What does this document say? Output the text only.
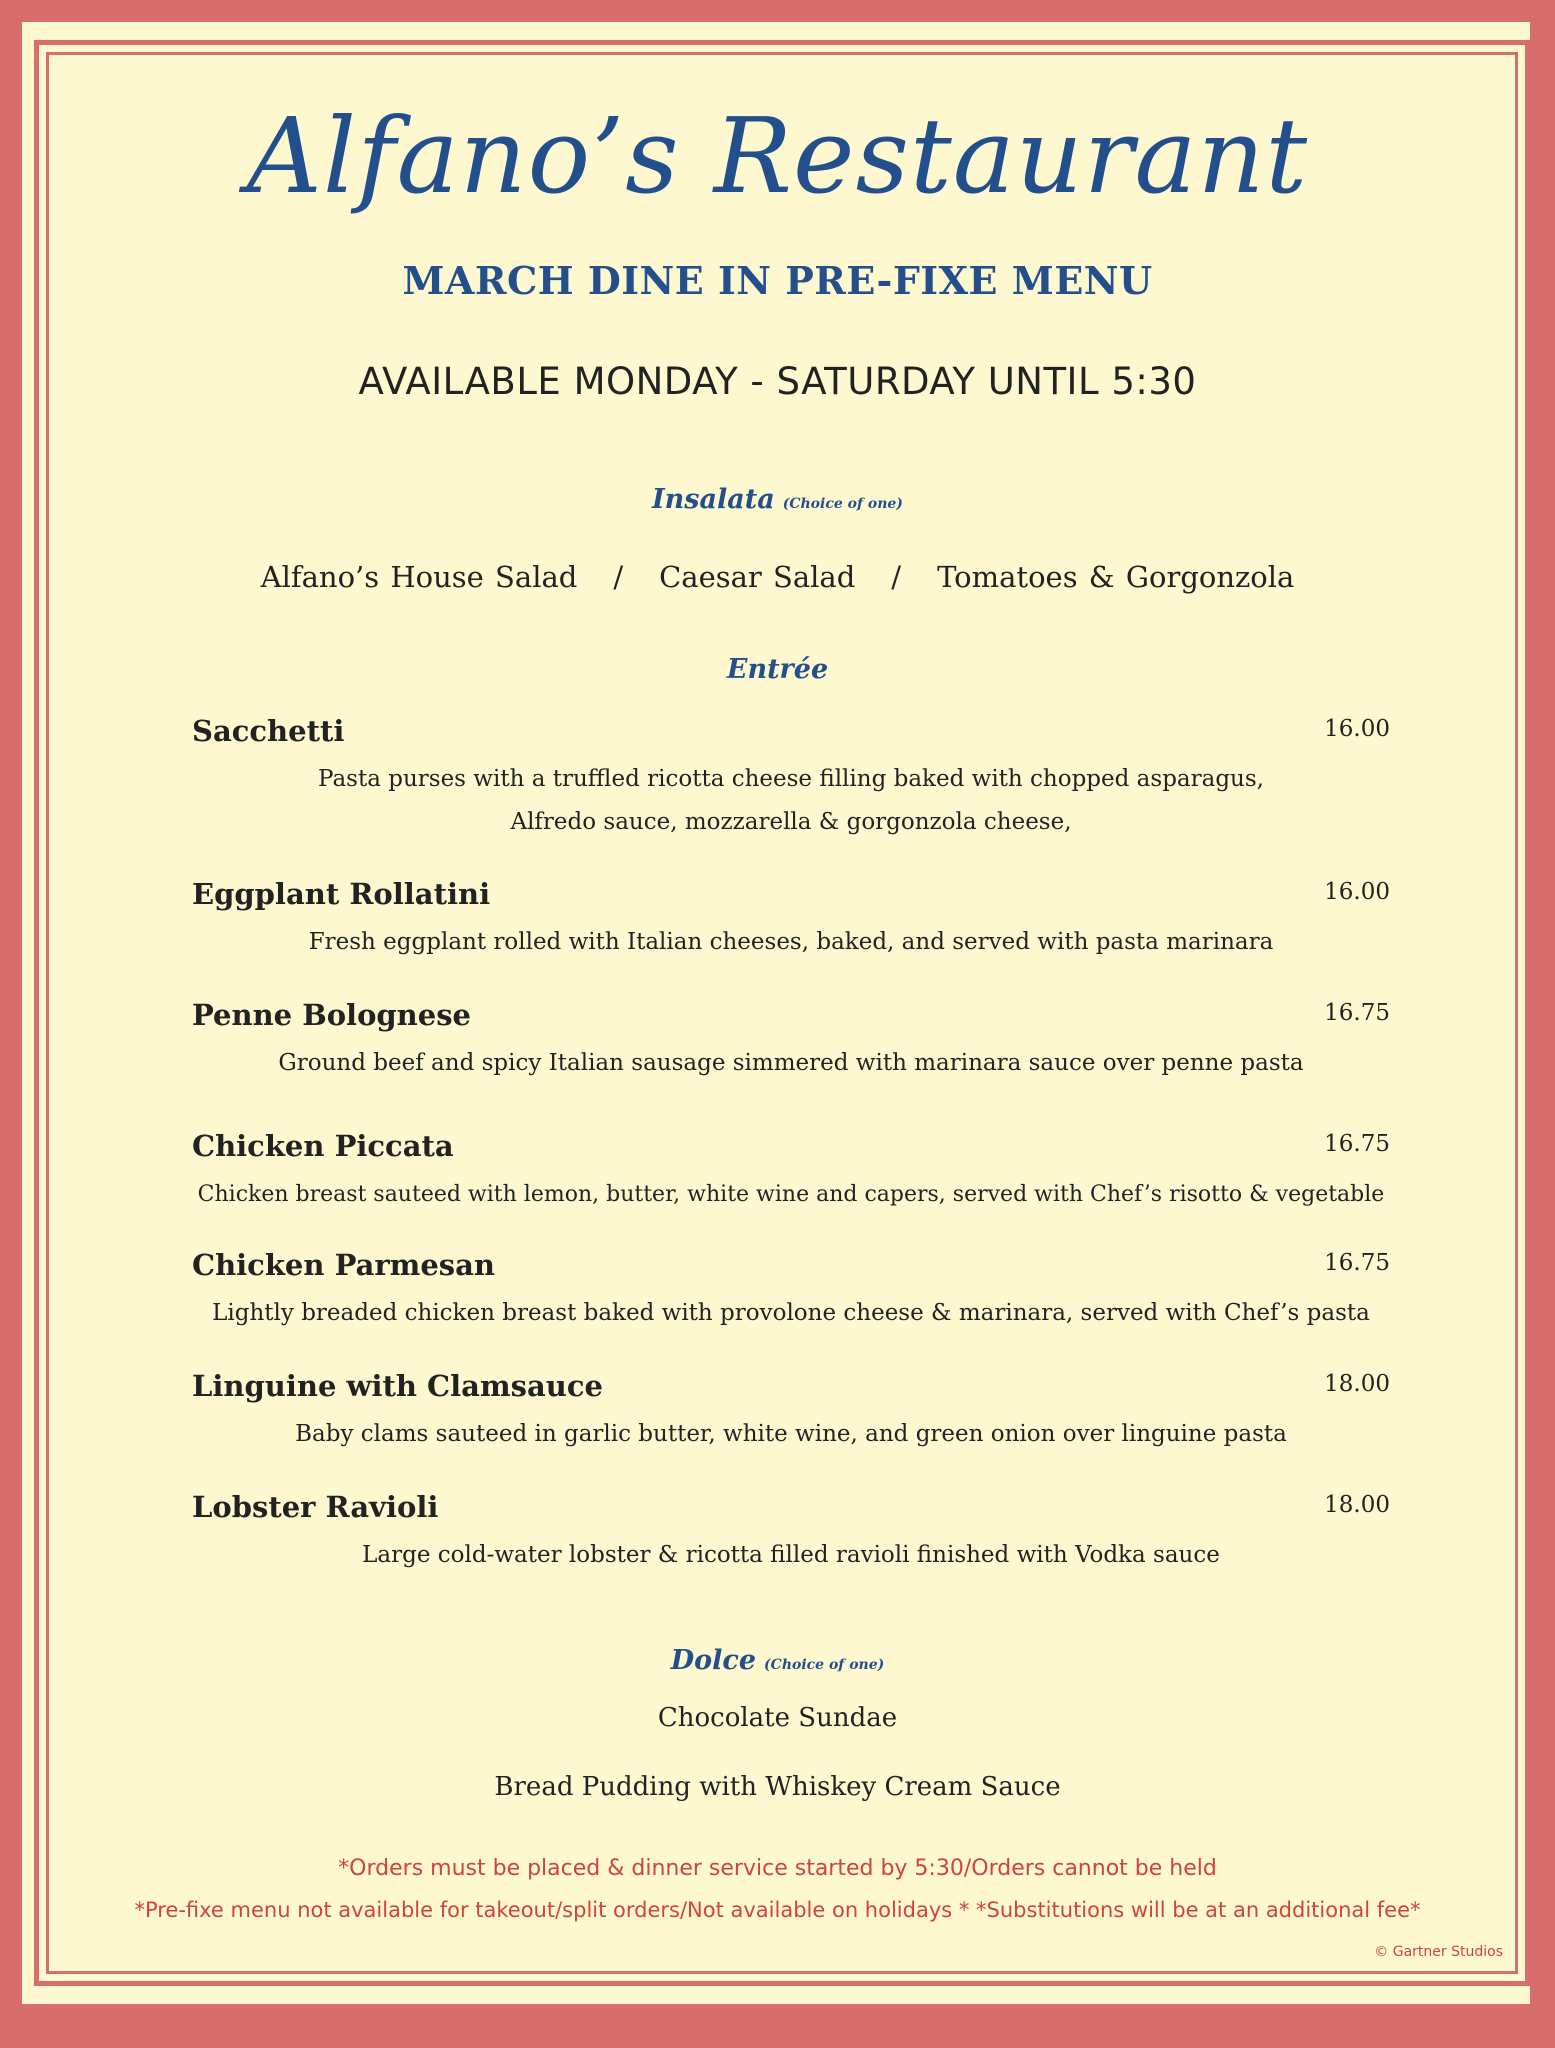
Alfano’s Restaurant
MARCH DINE IN PRE-FIXE MENU
AVAILABLE MONDAY - SATURDAY UNTIL 5:30
Insalata (Choice of one)
Alfano’s House Salad / Caesar Salad / Tomatoes & Gorgonzola
Entrée
Sacchetti	16.00
Pasta purses with a truffled ricotta cheese filling baked with chopped asparagus,
Alfredo sauce, mozzarella & gorgonzola cheese,
Eggplant Rollatini	16.00
Fresh eggplant rolled with Italian cheeses, baked, and served with pasta marinara
Penne Bolognese	16.75
Ground beef and spicy Italian sausage simmered with marinara sauce over penne pasta
Chicken Piccata	16.75
Chicken breast sauteed with lemon, butter, white wine and capers, served with Chef’s risotto & vegetable
Chicken Parmesan	16.75
Lightly breaded chicken breast baked with provolone cheese & marinara, served with Chef’s pasta
Linguine with Clamsauce	18.00
Baby clams sauteed in garlic butter, white wine, and green onion over linguine pasta
Lobster Ravioli	18.00
Large cold-water lobster & ricotta filled ravioli finished with Vodka sauce
Dolce (Choice of one)
Chocolate Sundae
Bread Pudding with Whiskey Cream Sauce
*Orders must be placed & dinner service started by 5:30/Orders cannot be held
*Pre-fixe menu not available for takeout/split orders/Not available on holidays * *Substitutions will be at an additional fee*
© Gartner Studios
